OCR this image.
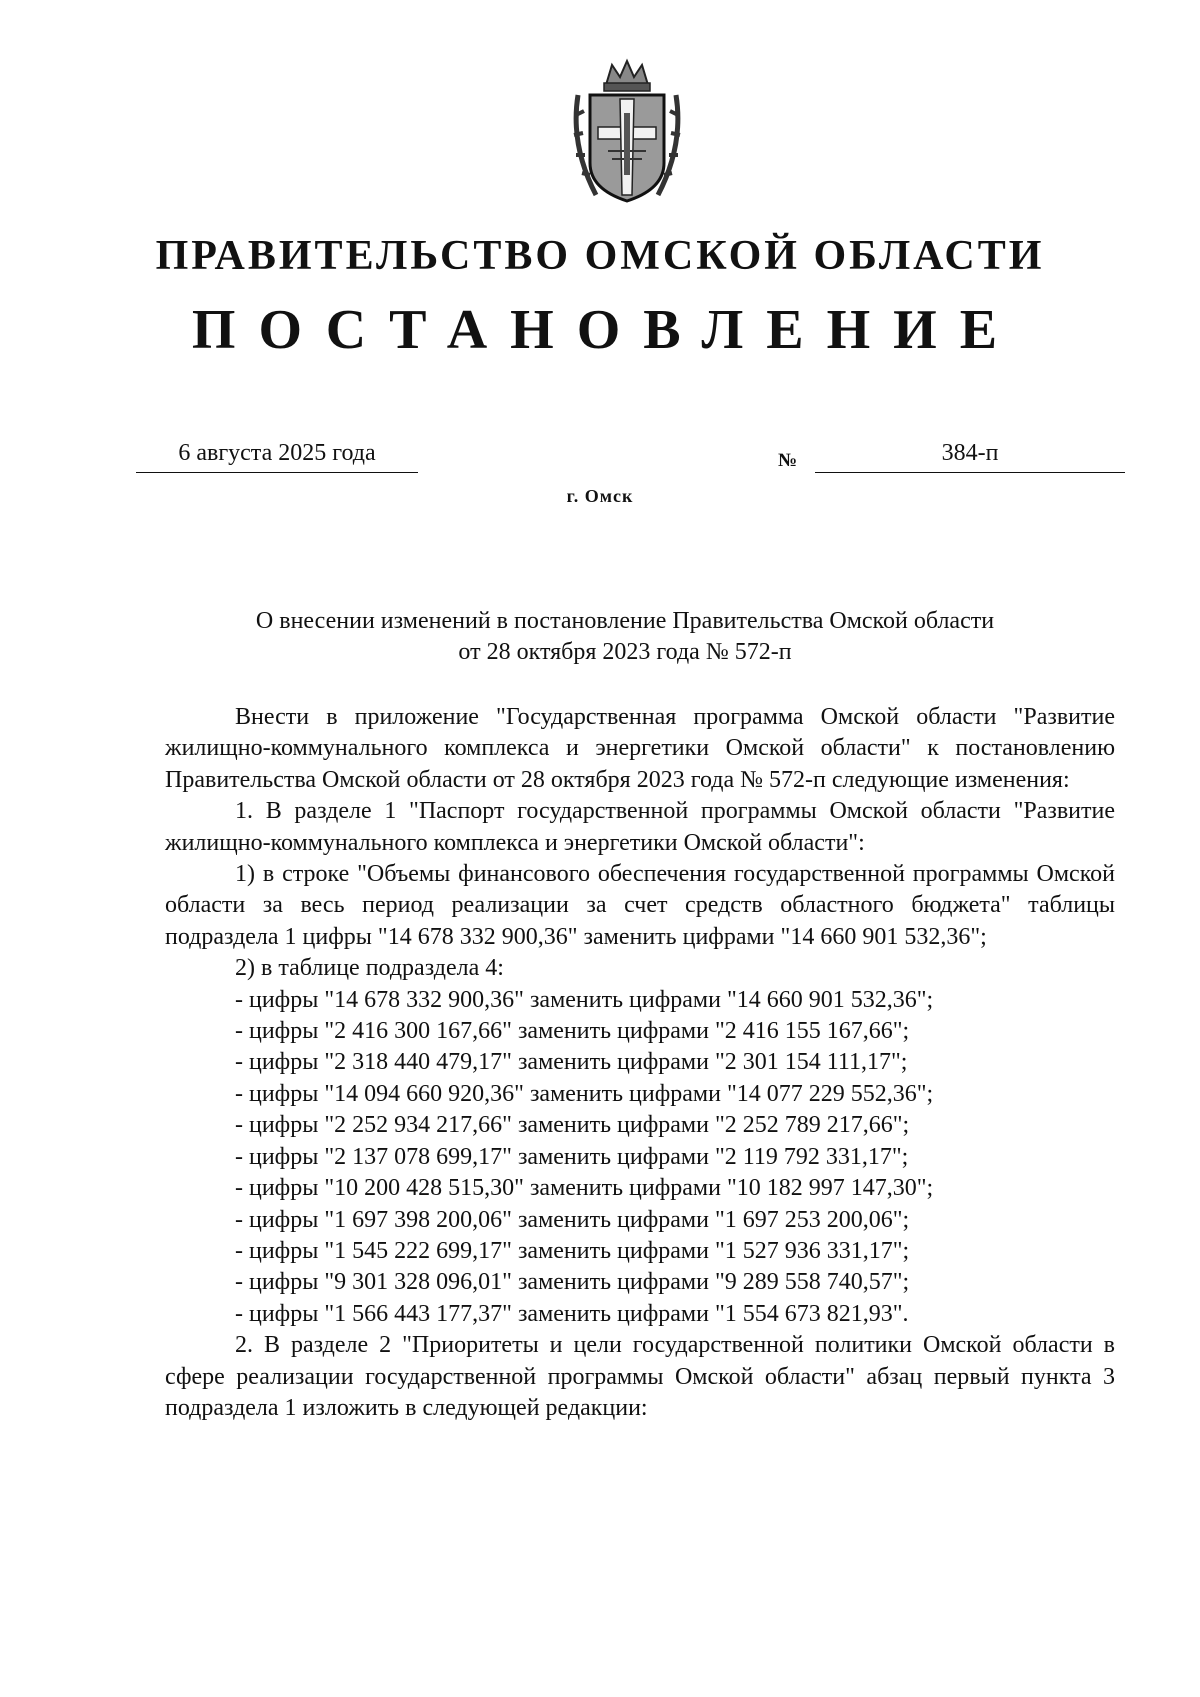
ПРАВИТЕЛЬСТВО ОМСКОЙ ОБЛАСТИ
ПОСТАНОВЛЕНИЕ
6 августа 2025 года	№	384-п
г. Омск
О внесении изменений в постановление Правительства Омской области
от 28 октября 2023 года № 572-п

Внести в приложение "Государственная программа Омской области "Развитие жилищно-коммунального комплекса и энергетики Омской области" к постановлению Правительства Омской области от 28 октября 2023 года № 572-п следующие изменения:

1. В разделе 1 "Паспорт государственной программы Омской области "Развитие жилищно-коммунального комплекса и энергетики Омской области":

1) в строке "Объемы финансового обеспечения государственной программы Омской области за весь период реализации за счет средств областного бюджета" таблицы подраздела 1 цифры "14 678 332 900,36" заменить цифрами "14 660 901 532,36";

2) в таблице подраздела 4:

- цифры "14 678 332 900,36" заменить цифрами "14 660 901 532,36";

- цифры "2 416 300 167,66" заменить цифрами "2 416 155 167,66";

- цифры "2 318 440 479,17" заменить цифрами "2 301 154 111,17";

- цифры "14 094 660 920,36" заменить цифрами "14 077 229 552,36";

- цифры "2 252 934 217,66" заменить цифрами "2 252 789 217,66";

- цифры "2 137 078 699,17" заменить цифрами "2 119 792 331,17";

- цифры "10 200 428 515,30" заменить цифрами "10 182 997 147,30";

- цифры "1 697 398 200,06" заменить цифрами "1 697 253 200,06";

- цифры "1 545 222 699,17" заменить цифрами "1 527 936 331,17";

- цифры "9 301 328 096,01" заменить цифрами "9 289 558 740,57";

- цифры "1 566 443 177,37" заменить цифрами "1 554 673 821,93".

2. В разделе 2 "Приоритеты и цели государственной политики Омской области в сфере реализации государственной программы Омской области" абзац первый пункта 3 подраздела 1 изложить в следующей редакции:
